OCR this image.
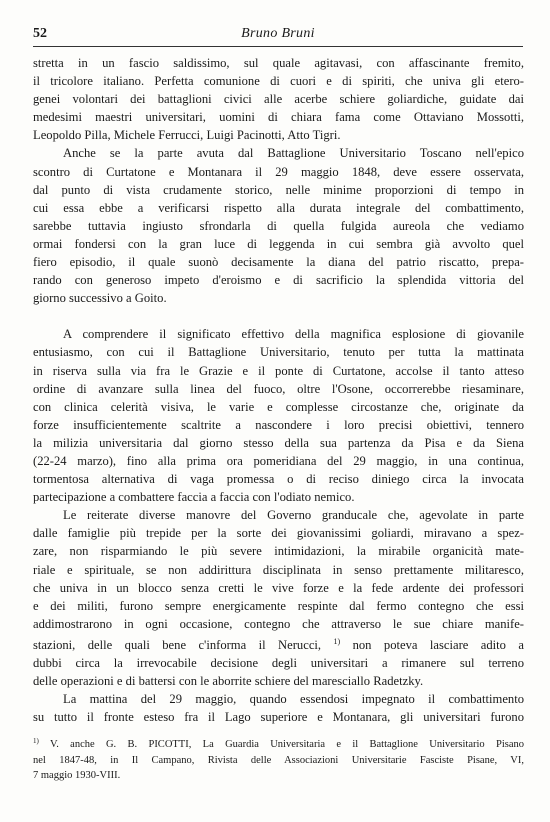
52	Bruno Bruni

stretta in un fascio saldissimo, sul quale agitavasi, con affascinante fremito,

il tricolore italiano. Perfetta comunione di cuori e di spiriti, che univa gli etero-

genei volontari dei battaglioni civici alle acerbe schiere goliardiche, guidate dai

medesimi maestri universitari, uomini di chiara fama come Ottaviano Mossotti,

Leopoldo Pilla, Michele Ferrucci, Luigi Pacinotti, Atto Tigri.

Anche se la parte avuta dal Battaglione Universitario Toscano nell'epico

scontro di Curtatone e Montanara il 29 maggio 1848, deve essere osservata,

dal punto di vista crudamente storico, nelle minime proporzioni di tempo in

cui essa ebbe a verificarsi rispetto alla durata integrale del combattimento,

sarebbe tuttavia ingiusto sfrondarla di quella fulgida aureola che vediamo

ormai fondersi con la gran luce di leggenda in cui sembra già avvolto quel

fiero episodio, il quale suonò decisamente la diana del patrio riscatto, prepa-

rando con generoso impeto d'eroismo e di sacrificio la splendida vittoria del

giorno successivo a Goito.

A comprendere il significato effettivo della magnifica esplosione di giovanile

entusiasmo, con cui il Battaglione Universitario, tenuto per tutta la mattinata

in riserva sulla via fra le Grazie e il ponte di Curtatone, accolse il tanto atteso

ordine di avanzare sulla linea del fuoco, oltre l'Osone, occorrerebbe riesaminare,

con clinica celerità visiva, le varie e complesse circostanze che, originate da

forze insufficientemente scaltrite a nascondere i loro precisi obiettivi, tennero

la milizia universitaria dal giorno stesso della sua partenza da Pisa e da Siena

(22-24 marzo), fino alla prima ora pomeridiana del 29 maggio, in una continua,

tormentosa alternativa di vaga promessa o di reciso diniego circa la invocata

partecipazione a combattere faccia a faccia con l'odiato nemico.

Le reiterate diverse manovre del Governo granducale che, agevolate in parte

dalle famiglie più trepide per la sorte dei giovanissimi goliardi, miravano a spez-

zare, non risparmiando le più severe intimidazioni, la mirabile organicità mate-

riale e spirituale, se non addirittura disciplinata in senso prettamente militaresco,

che univa in un blocco senza cretti le vive forze e la fede ardente dei professori

e dei militi, furono sempre energicamente respinte dal fermo contegno che essi

addimostrarono in ogni occasione, contegno che attraverso le sue chiare manife-

stazioni, delle quali bene c'informa il Nerucci, $^{1)}$ non poteva lasciare adito a

dubbi circa la irrevocabile decisione degli universitari a rimanere sul terreno

delle operazioni e di battersi con le aborrite schiere del maresciallo Radetzky.

La mattina del 29 maggio, quando essendosi impegnato il combattimento

su tutto il fronte esteso fra il Lago superiore e Montanara, gli universitari furono

$^{1)}$ V. anche G. B. PICOTTI, La Guardia Universitaria e il Battaglione Universitario Pisano

nel 1847-48, in Il Campano, Rivista delle Associazioni Universitarie Fasciste Pisane, VI,

7 maggio 1930-VIII.
